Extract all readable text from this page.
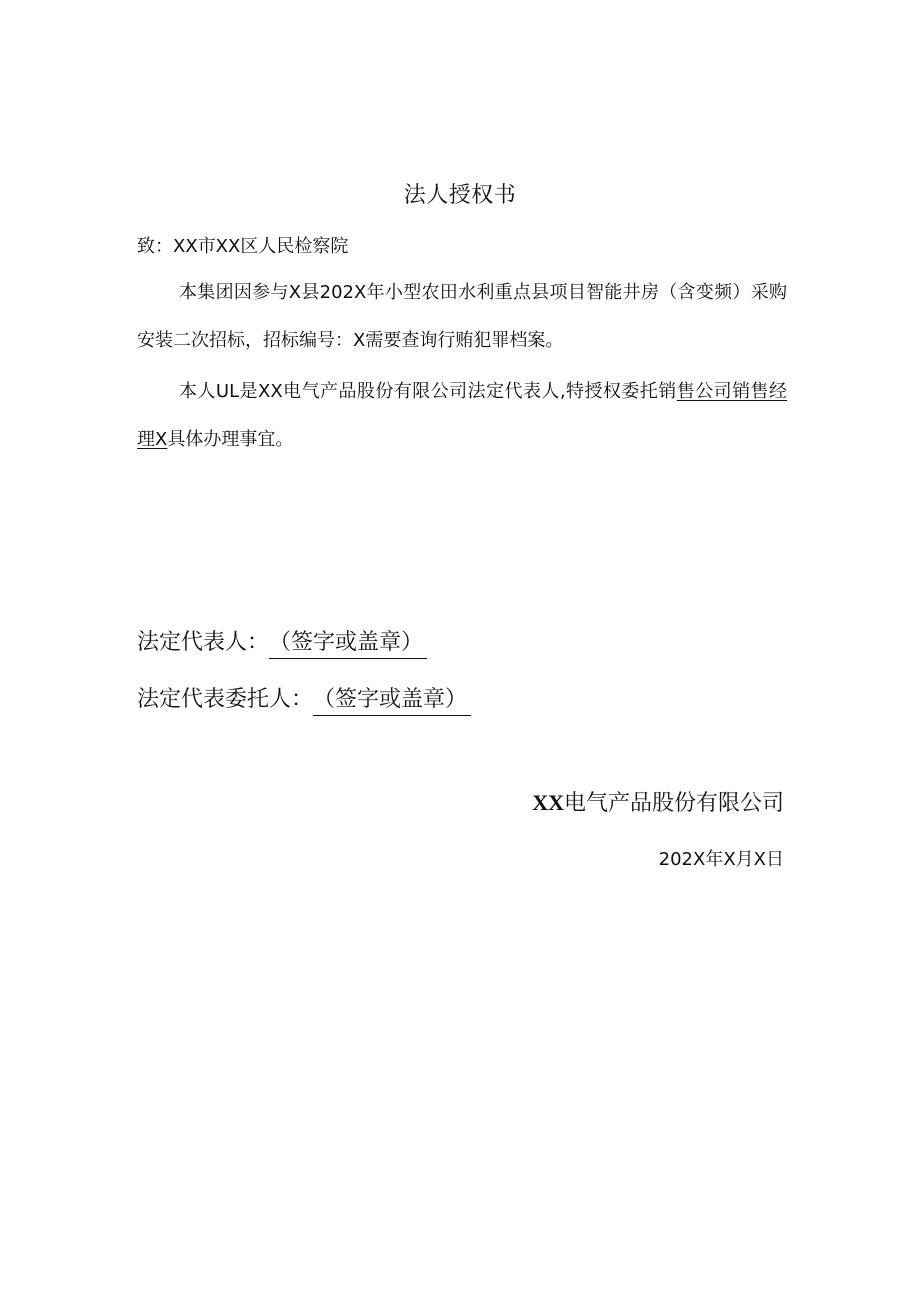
法人授权书
致：XX市XX区人民检察院
本集团因参与X县202X年小型农田水利重点县项目智能井房（含变频）采购安装二次招标，招标编号：X需要查询行贿犯罪档案。
本人UL是XX电气产品股份有限公司法定代表人,特授权委托销售公司销售经理X具体办理事宜。
法定代表人：（签字或盖章）
法定代表委托人：（签字或盖章）
XX电气产品股份有限公司
202X年X月X日
